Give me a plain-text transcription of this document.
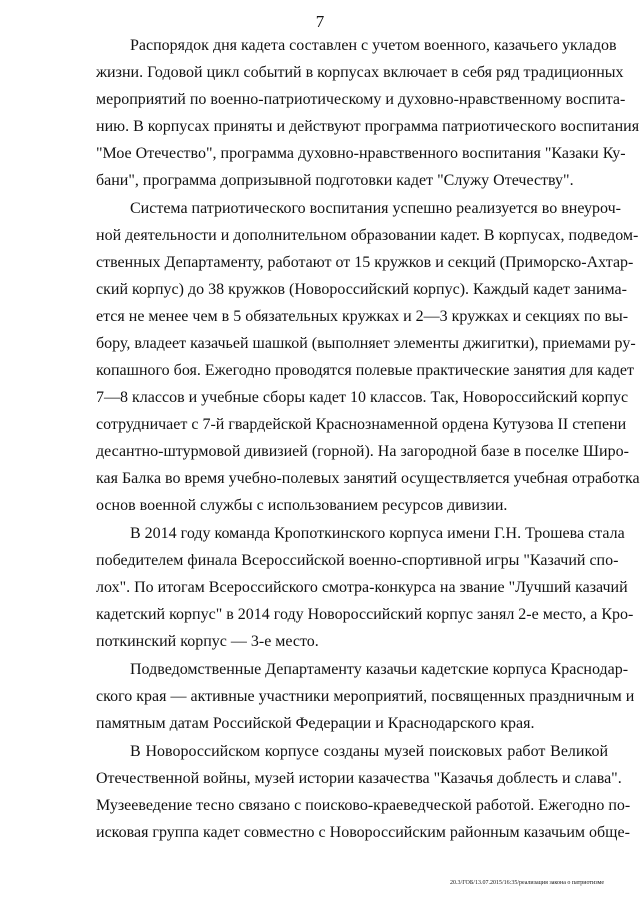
7

Распорядок дня кадета составлен с учетом военного, казачьего укладов

жизни. Годовой цикл событий в корпусах включает в себя ряд традиционных

мероприятий по военно-патриотическому и духовно-нравственному воспита-

нию. В корпусах приняты и действуют программа патриотического воспитания

"Мое Отечество", программа духовно-нравственного воспитания "Казаки Ку-

бани", программа допризывной подготовки кадет "Служу Отечеству".

Система патриотического воспитания успешно реализуется во внеуроч-

ной деятельности и дополнительном образовании кадет. В корпусах, подведом-

ственных Департаменту, работают от 15 кружков и секций (Приморско-Ахтар-

ский корпус) до 38 кружков (Новороссийский корпус). Каждый кадет занима-

ется не менее чем в 5 обязательных кружках и 2—3 кружках и секциях по вы-

бору, владеет казачьей шашкой (выполняет элементы джигитки), приемами ру-

копашного боя. Ежегодно проводятся полевые практические занятия для кадет

7—8 классов и учебные сборы кадет 10 классов. Так, Новороссийский корпус

сотрудничает с 7-й гвардейской Краснознаменной ордена Кутузова II степени

десантно-штурмовой дивизией (горной). На загородной базе в поселке Широ-

кая Балка во время учебно-полевых занятий осуществляется учебная отработка

основ военной службы с использованием ресурсов дивизии.

В 2014 году команда Кропоткинского корпуса имени Г.Н. Трошева стала

победителем финала Всероссийской военно-спортивной игры "Казачий спо-

лох". По итогам Всероссийского смотра-конкурса на звание "Лучший казачий

кадетский корпус" в 2014 году Новороссийский корпус занял 2-е место, а Кро-

поткинский корпус — 3-е место.

Подведомственные Департаменту казачьи кадетские корпуса Краснодар-

ского края — активные участники мероприятий, посвященных праздничным и

памятным датам Российской Федерации и Краснодарского края.

В Новороссийском корпусе созданы музей поисковых работ Великой

Отечественной войны, музей истории казачества "Казачья доблесть и слава".

Музееведение тесно связано с поисково-краеведческой работой. Ежегодно по-

исковая группа кадет совместно с Новороссийским районным казачьим обще-

20.3/ГОБ/13.07.2015/16:35/реализация закона о патриотизме
